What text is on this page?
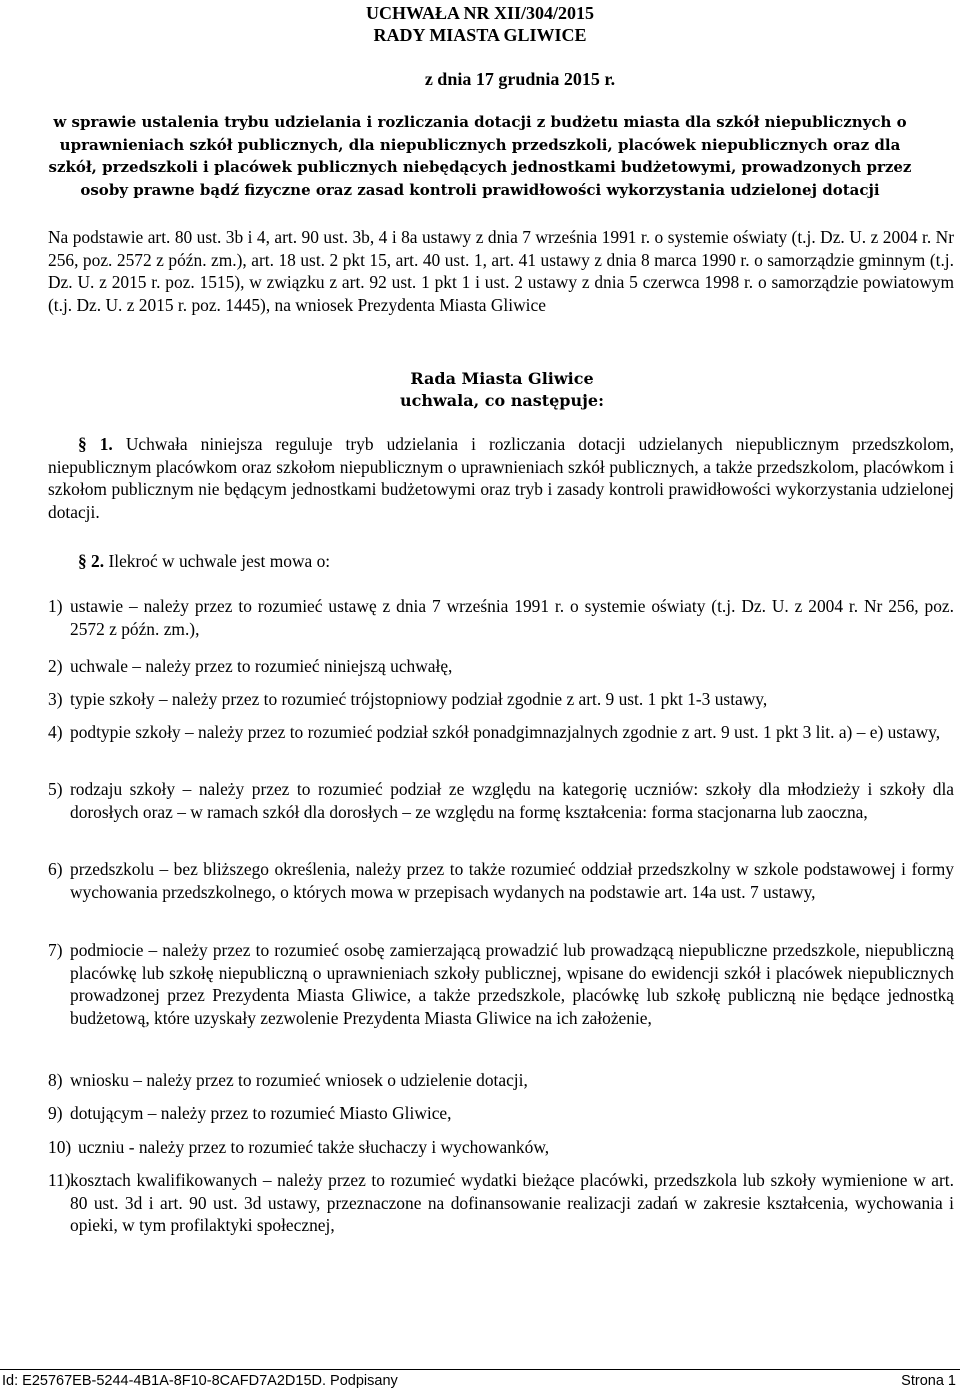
UCHWAŁA NR XII/304/2015
RADY MIASTA GLIWICE
z dnia 17 grudnia 2015 r.
w sprawie ustalenia trybu udzielania i rozliczania dotacji z budżetu miasta dla szkół niepublicznych o uprawnieniach szkół publicznych, dla niepublicznych przedszkoli, placówek niepublicznych oraz dla szkół, przedszkoli i placówek publicznych niebędących jednostkami budżetowymi, prowadzonych przez osoby prawne bądź fizyczne oraz zasad kontroli prawidłowości wykorzystania udzielonej dotacji
Na podstawie art. 80 ust. 3b i 4, art. 90 ust. 3b, 4 i 8a ustawy z dnia 7 września 1991 r. o systemie oświaty (t.j. Dz. U. z 2004 r. Nr 256, poz. 2572 z późn. zm.), art. 18 ust. 2 pkt 15, art. 40 ust. 1, art. 41 ustawy z dnia 8 marca 1990 r. o samorządzie gminnym (t.j. Dz. U. z 2015 r. poz. 1515), w związku z art. 92 ust. 1 pkt 1 i ust. 2 ustawy z dnia 5 czerwca 1998 r. o samorządzie powiatowym (t.j. Dz. U. z 2015 r. poz. 1445), na wniosek Prezydenta Miasta Gliwice
Rada Miasta Gliwice
uchwala, co następuje:
§ 1. Uchwała niniejsza reguluje tryb udzielania i rozliczania dotacji udzielanych niepublicznym przedszkolom, niepublicznym placówkom oraz szkołom niepublicznym o uprawnieniach szkół publicznych, a także przedszkolom, placówkom i szkołom publicznym nie będącym jednostkami budżetowymi oraz tryb i zasady kontroli prawidłowości wykorzystania udzielonej dotacji.
§ 2. Ilekroć w uchwale jest mowa o:
1) ustawie – należy przez to rozumieć ustawę z dnia 7 września 1991 r. o systemie oświaty (t.j. Dz. U. z 2004 r. Nr 256, poz. 2572 z późn. zm.),
2) uchwale – należy przez to rozumieć niniejszą uchwałę,
3) typie szkoły – należy przez to rozumieć trójstopniowy podział zgodnie z art. 9 ust. 1 pkt 1-3 ustawy,
4) podtypie szkoły – należy przez to rozumieć podział szkół ponadgimnazjalnych zgodnie z art. 9 ust. 1 pkt 3 lit. a) – e) ustawy,
5) rodzaju szkoły – należy przez to rozumieć podział ze względu na kategorię uczniów: szkoły dla młodzieży i szkoły dla dorosłych oraz – w ramach szkół dla dorosłych – ze względu na formę kształcenia: forma stacjonarna lub zaoczna,
6) przedszkolu – bez bliższego określenia, należy przez to także rozumieć oddział przedszkolny w szkole podstawowej i formy wychowania przedszkolnego, o których mowa w przepisach wydanych na podstawie art. 14a ust. 7 ustawy,
7) podmiocie – należy przez to rozumieć osobę zamierzającą prowadzić lub prowadzącą niepubliczne przedszkole, niepubliczną placówkę lub szkołę niepubliczną o uprawnieniach szkoły publicznej, wpisane do ewidencji szkół i placówek niepublicznych prowadzonej przez Prezydenta Miasta Gliwice, a także przedszkole, placówkę lub szkołę publiczną nie będące jednostką budżetową, które uzyskały zezwolenie Prezydenta Miasta Gliwice na ich założenie,
8) wniosku – należy przez to rozumieć wniosek o udzielenie dotacji,
9) dotującym – należy przez to rozumieć Miasto Gliwice,
10) uczniu - należy przez to rozumieć także słuchaczy i wychowanków,
11) kosztach kwalifikowanych – należy przez to rozumieć wydatki bieżące placówki, przedszkola lub szkoły wymienione w art. 80 ust. 3d i art. 90 ust. 3d ustawy, przeznaczone na dofinansowanie realizacji zadań w zakresie kształcenia, wychowania i opieki, w tym profilaktyki społecznej,
Id: E25767EB-5244-4B1A-8F10-8CAFD7A2D15D. Podpisany	Strona 1
